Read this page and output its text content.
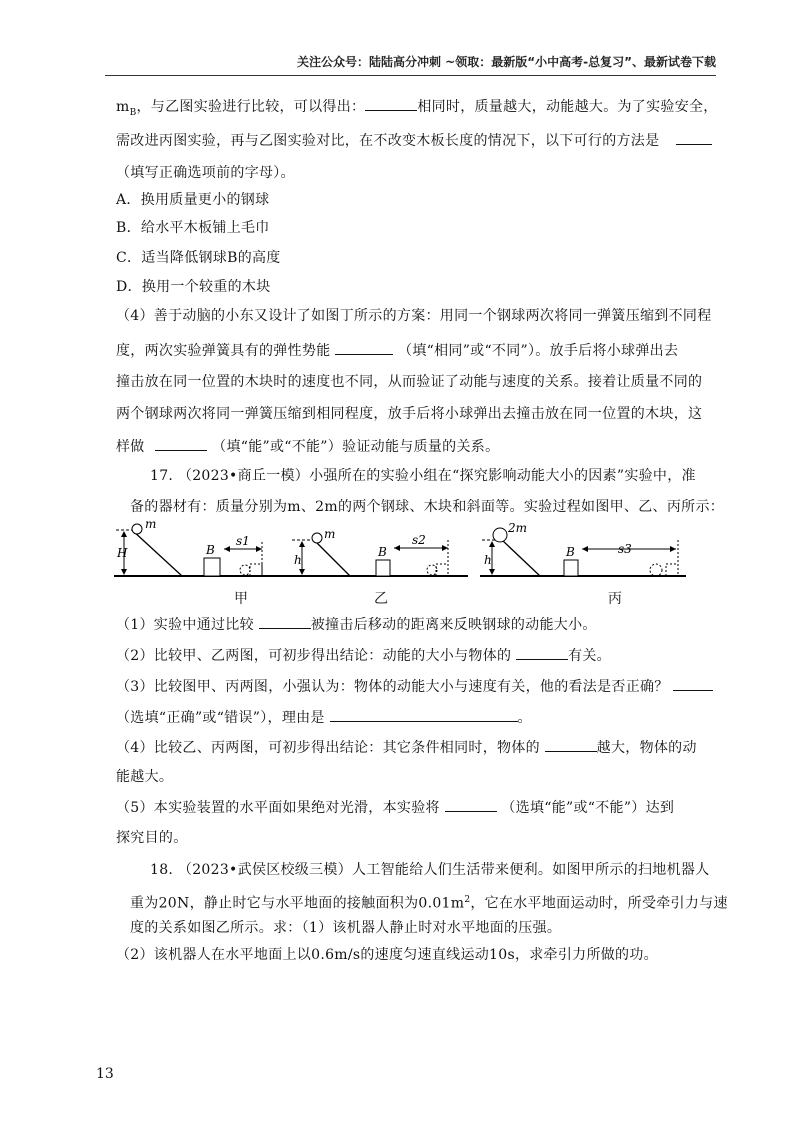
关注公众号：陆陆高分冲刺 ~领取：最新版“小中高考-总复习”、最新试卷下载
$m_B$，与乙图实验进行比较，可以得出：	相同时，质量越大，动能越大。为了实验安全，
需改进丙图实验，再与乙图实验对比，在不改变木板长度的情况下，以下可行的方法是
（填写正确选项前的字母）。
A．换用质量更小的钢球
B．给水平木板铺上毛巾
C．适当降低钢球B的高度
D．换用一个较重的木块
（4）善于动脑的小东又设计了如图丁所示的方案：用同一个钢球两次将同一弹簧压缩到不同程
度，两次实验弹簧具有的弹性势能	（填“相同”或“不同”）。放手后将小球弹出去
撞击放在同一位置的木块时的速度也不同，从而验证了动能与速度的关系。接着让质量不同的
两个钢球两次将同一弹簧压缩到相同程度，放手后将小球弹出去撞击放在同一位置的木块，这
样做	（填“能”或“不能”）验证动能与质量的关系。
17. （2023•商丘一模）小强所在的实验小组在“探究影响动能大小的因素”实验中，准
备的器材有：质量分别为m、2m的两个钢球、木块和斜面等。实验过程如图甲、乙、丙所示：
H
m
B
s1
h
m
B
s2
h
2m
B	s3
甲	乙	丙
（1）实验中通过比较	被撞击后移动的距离来反映钢球的动能大小。
（2）比较甲、乙两图，可初步得出结论：动能的大小与物体的	有关。
（3）比较图甲、丙两图，小强认为：物体的动能大小与速度有关，他的看法是否正确？
（选填“正确”或“错误”），理由是	。
（4）比较乙、丙两图，可初步得出结论：其它条件相同时，物体的	越大，物体的动
能越大。
（5）本实验装置的水平面如果绝对光滑，本实验将	（选填“能”或“不能”）达到
探究目的。
18. （2023•武侯区校级三模）人工智能给人们生活带来便利。如图甲所示的扫地机器人
重为20N，静止时它与水平地面的接触面积为$0.01m^2$，它在水平地面运动时，所受牵引力与速
度的关系如图乙所示。求：（1）该机器人静止时对水平地面的压强。
（2）该机器人在水平地面上以0.6m/s的速度匀速直线运动10s，求牵引力所做的功。
13
